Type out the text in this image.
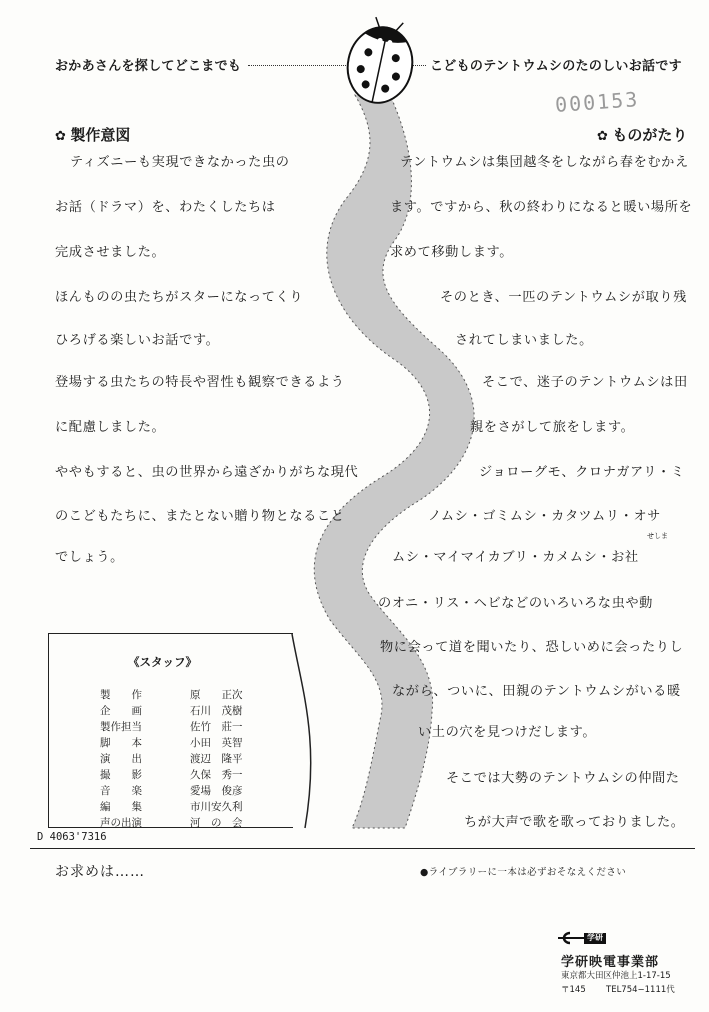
おかあさんを探してどこまでも	こどものテントウムシのたのしいお話です
000153
✿ 製作意図
ティズニーも実現できなかった虫の
お話（ドラマ）を、わたくしたちは
完成させました。
ほんものの虫たちがスターになってくり
ひろげる楽しいお話です。
登場する虫たちの特長や習性も観察できるよう
に配慮しました。
ややもすると、虫の世界から遠ざかりがちな現代
のこどもたちに、またとない贈り物となること
でしょう。
✿ ものがたり
テントウムシは集団越冬をしながら春をむかえ
ます。ですから、秋の終わりになると暖い場所を
求めて移動します。
そのとき、一匹のテントウムシが取り残
されてしまいました。
そこで、迷子のテントウムシは田
親をさがして旅をします。
ジョローグモ、クロナガアリ・ミ
ノムシ・ゴミムシ・カタツムリ・オサ
せしま
ムシ・マイマイカブリ・カメムシ・お社
のオニ・リス・ヘビなどのいろいろな虫や動
物に会って道を聞いたり、恐しいめに会ったりし
ながら、ついに、田親のテントウムシがいる暖
い土の穴を見つけだします。
そこでは大勢のテントウムシの仲間た
ちが大声で歌を歌っておりました。
《スタッフ》
製　　作	原　　正次
企　　画	石川　茂樹
製作担当	佐竹　莊一
脚　　本	小田　英智
演　　出	渡辺　隆平
撮　　影	久保　秀一
音　　楽	愛場　俊彦
編　　集	市川安久利
声の出演	河　の　会
D 4063'7316
お求めは……	●ライブラリーに一本は必ずおそなえください
学研
学研映電事業部
東京都大田区仲池上1-17-15
〒145 TEL754−1111代
